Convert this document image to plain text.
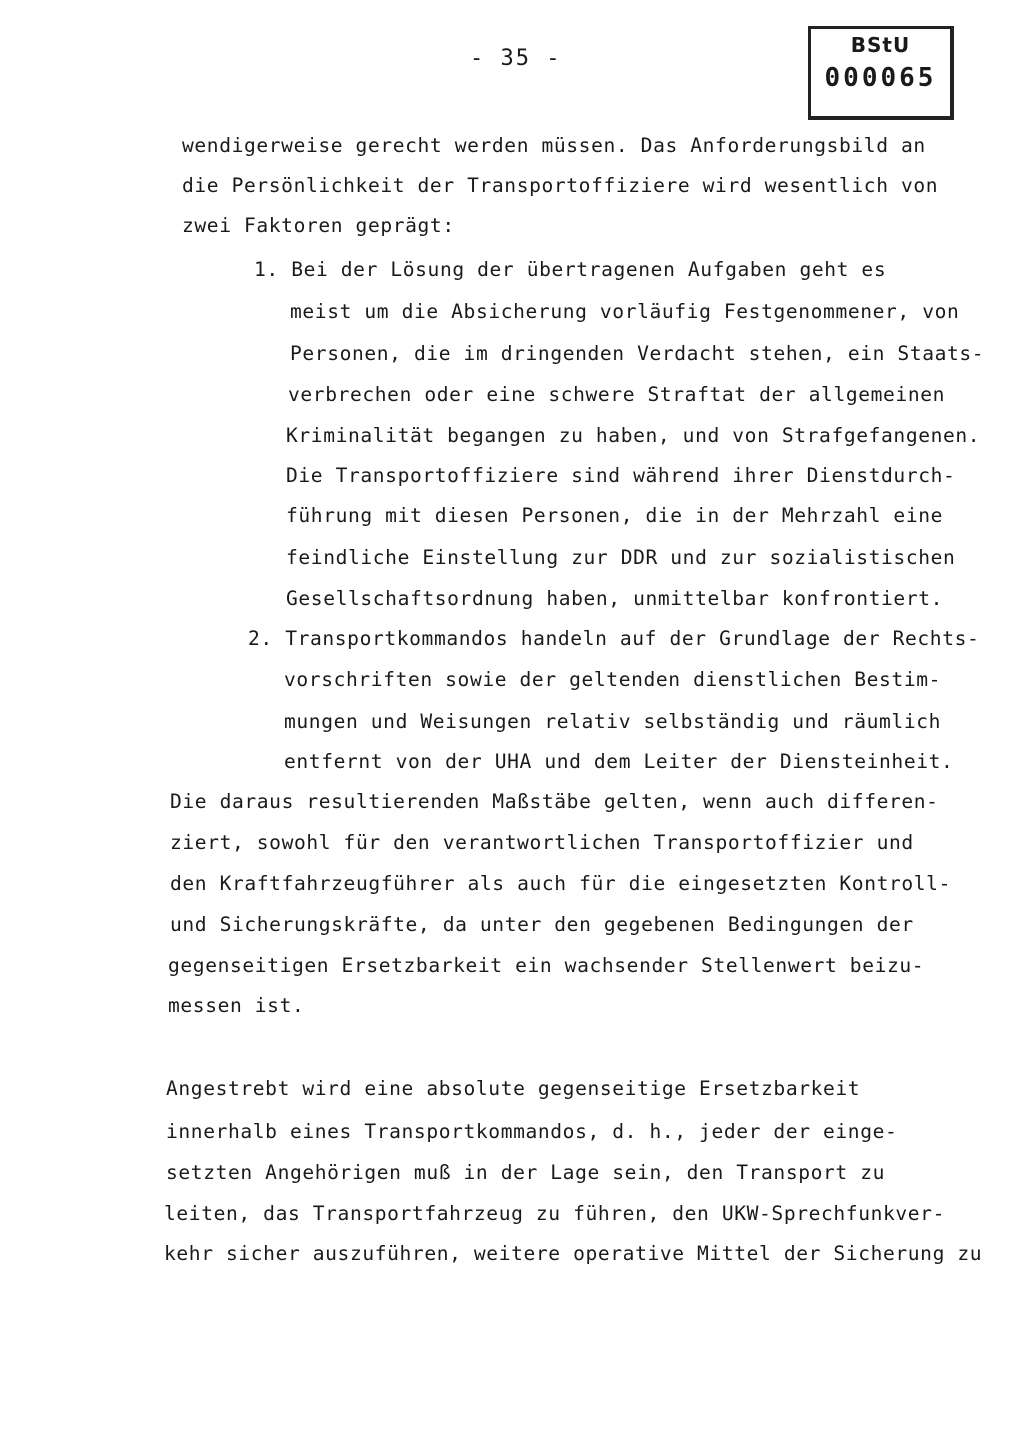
- 35 -
BStU
000065
wendigerweise gerecht werden müssen. Das Anforderungsbild an
die Persönlichkeit der Transportoffiziere wird wesentlich von
zwei Faktoren geprägt:
1. Bei der Lösung der übertragenen Aufgaben geht es
meist um die Absicherung vorläufig Festgenommener, von
Personen, die im dringenden Verdacht stehen, ein Staats-
verbrechen oder eine schwere Straftat der allgemeinen
Kriminalität begangen zu haben, und von Strafgefangenen.
Die Transportoffiziere sind während ihrer Dienstdurch-
führung mit diesen Personen, die in der Mehrzahl eine
feindliche Einstellung zur DDR und zur sozialistischen
Gesellschaftsordnung haben, unmittelbar konfrontiert.
2. Transportkommandos handeln auf der Grundlage der Rechts-
vorschriften sowie der geltenden dienstlichen Bestim-
mungen und Weisungen relativ selbständig und räumlich
entfernt von der UHA und dem Leiter der Diensteinheit.
Die daraus resultierenden Maßstäbe gelten, wenn auch differen-
ziert, sowohl für den verantwortlichen Transportoffizier und
den Kraftfahrzeugführer als auch für die eingesetzten Kontroll-
und Sicherungskräfte, da unter den gegebenen Bedingungen der
gegenseitigen Ersetzbarkeit ein wachsender Stellenwert beizu-
messen ist.
Angestrebt wird eine absolute gegenseitige Ersetzbarkeit
innerhalb eines Transportkommandos, d. h., jeder der einge-
setzten Angehörigen muß in der Lage sein, den Transport zu
leiten, das Transportfahrzeug zu führen, den UKW-Sprechfunkver-
kehr sicher auszuführen, weitere operative Mittel der Sicherung zu
